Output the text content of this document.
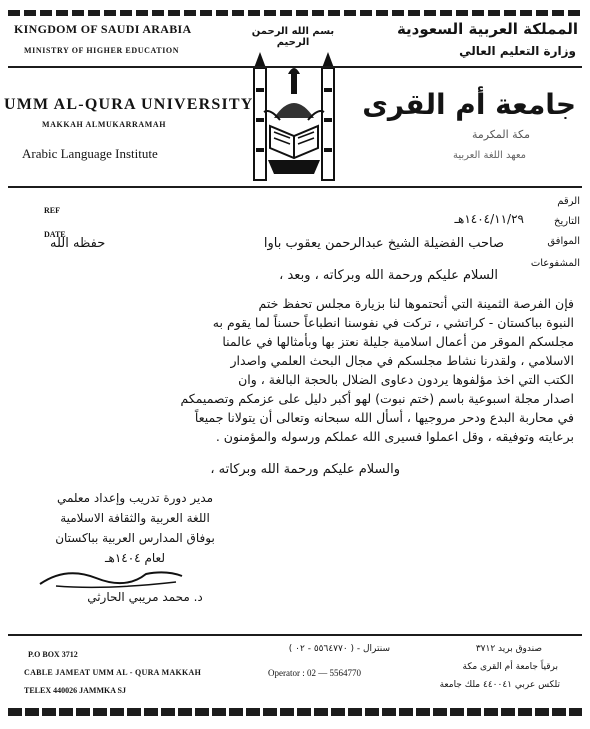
KINGDOM OF SAUDI ARABIA
MINISTRY OF HIGHER EDUCATION
المملكة العربية السعودية
وزارة التعليم العالي
بسم الله الرحمن الرحيم
UMM AL-QURA UNIVERSITY
MAKKAH ALMUKARRAMAH
Arabic Language Institute
جامعة أم القرى
مكة المكرمة
معهد اللغة العربية
REF
DATE
الرقم
التاريخ
١٤٠٤/١١/٢٩هـ
الموافق
المشفوعات
صاحب الفضيلة الشيخ عبدالرحمن يعقوب باوا
حفظه الله
السلام عليكم ورحمة الله وبركاته ، وبعد ،
فإن الفرصة الثمينة التي أتحتموها لنا بزيارة مجلس تحفظ ختم
النبوة بباكستان - كراتشي ، تركت في نفوسنا انطباعاً حسناً لما يقوم به
مجلسكم الموقر من أعمال اسلامية جليلة نعتز بها وبأمثالها في عالمنا
الاسلامي ، ولقدرنا نشاط مجلسكم في مجال البحث العلمي واصدار
الكتب التي اخذ مؤلفوها يردون دعاوى الضلال بالحجة البالغة ، وان
اصدار مجلة اسبوعية باسم (ختم نبوت) لهو أكبر دليل على عزمكم وتصميمكم
في محاربة البدع ودحر مروجيها ، أسأل الله سبحانه وتعالى أن يتولانا جميعاً
برعايته وتوفيقه ، وقل اعملوا فسيرى الله عملكم ورسوله والمؤمنون .
والسلام عليكم ورحمة الله وبركاته ،
مدير دورة تدريب وإعداد معلمي
اللغة العربية والثقافة الاسلامية
بوفاق المدارس العربية بباكستان
لعام ١٤٠٤هـ
د. محمد مريبي الحارثي
P.O BOX 3712
CABLE JAMEAT UMM AL - QURA MAKKAH
TELEX 440026 JAMMKA SJ
سنترال - ( ٥٥٦٤٧٧٠ - ٠٢ )
Operator : 02 — 5564770
صندوق بريد ٣٧١٢
برقياً جامعة أم القرى مكة
تلكس عربي ٤٤٠٠٤١ ملك جامعة
